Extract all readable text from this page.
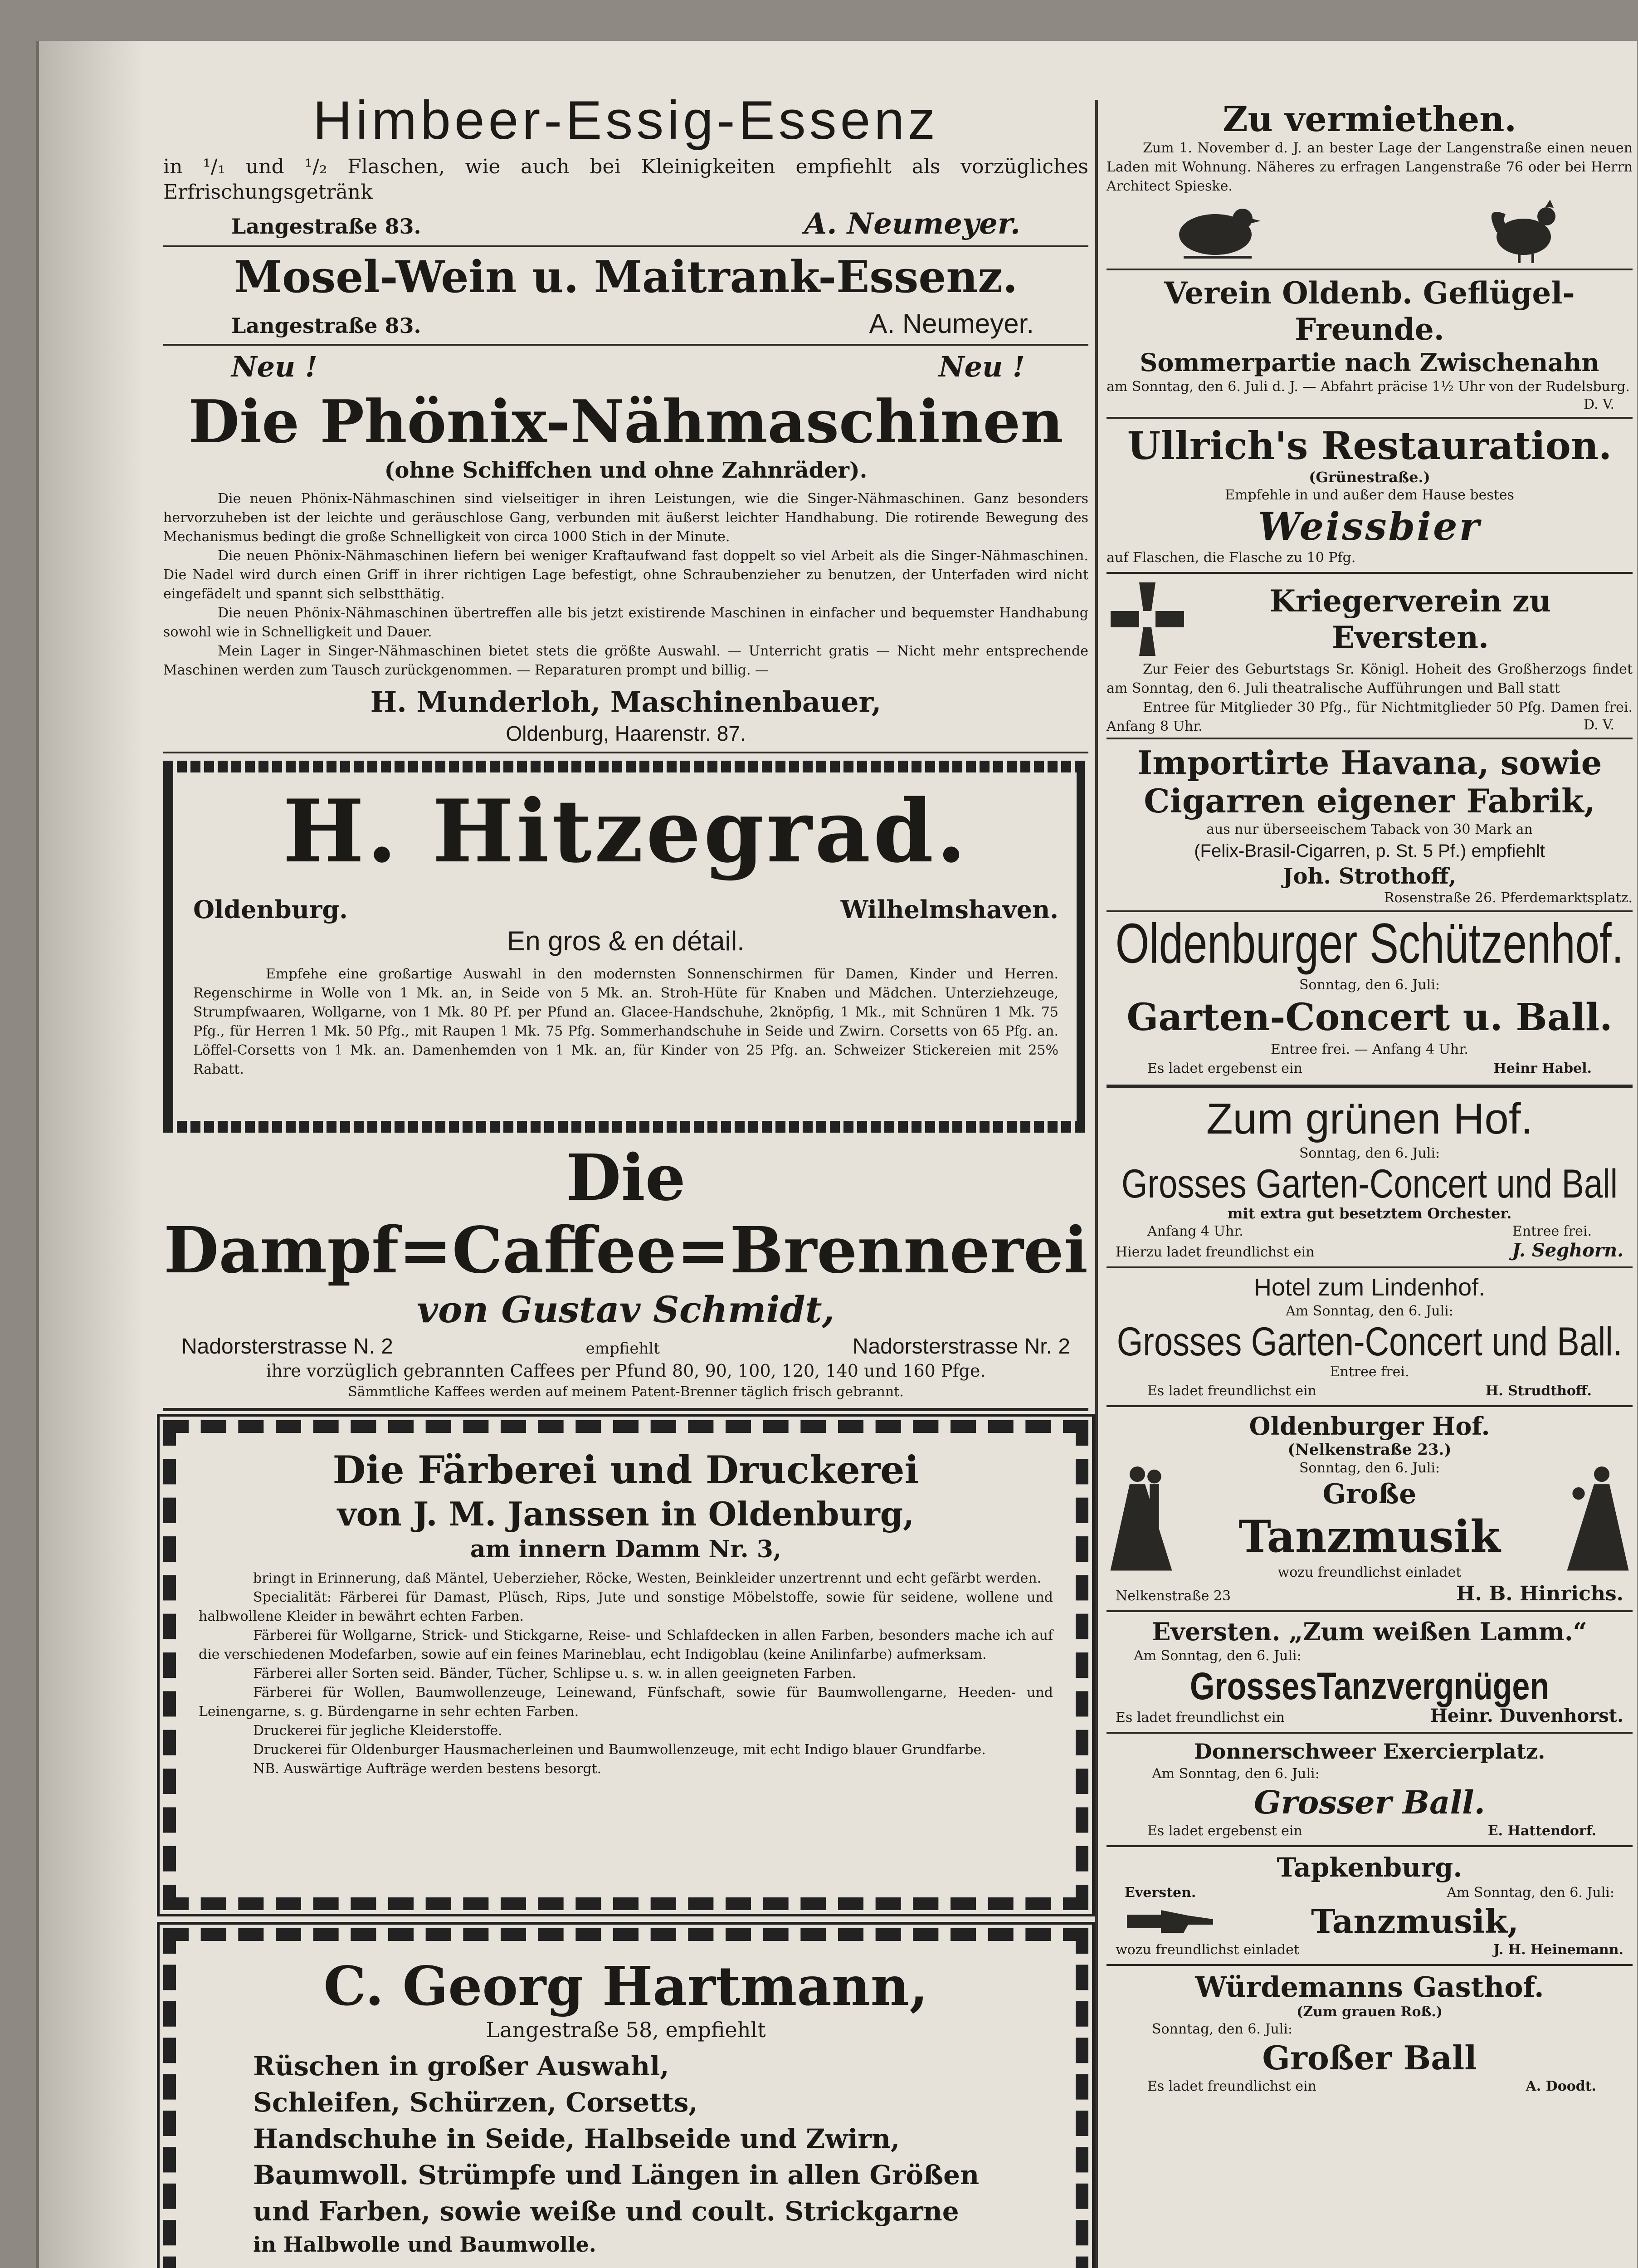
Himbeer-Essig-Essenz
in ¹/₁ und ¹/₂ Flaschen, wie auch bei Kleinigkeiten empfiehlt als vorzügliches Erfrischungsgetränk
Langestraße 83.	A. Neumeyer.
Mosel-Wein u. Maitrank-Essenz.
Langestraße 83.	A. Neumeyer.
Neu !	Neu !
Die Phönix-Nähmaschinen
(ohne Schiffchen und ohne Zahnräder).
Die neuen Phönix-Nähmaschinen sind vielseitiger in ihren Leistungen, wie die Singer-Nähmaschinen. Ganz besonders hervorzuheben ist der leichte und geräuschlose Gang, verbunden mit äußerst leichter Handhabung. Die rotirende Bewegung des Mechanismus bedingt die große Schnelligkeit von circa 1000 Stich in der Minute.
Die neuen Phönix-Nähmaschinen liefern bei weniger Kraftaufwand fast doppelt so viel Arbeit als die Singer-Nähmaschinen. Die Nadel wird durch einen Griff in ihrer richtigen Lage befestigt, ohne Schraubenzieher zu benutzen, der Unterfaden wird nicht eingefädelt und spannt sich selbstthätig.
Die neuen Phönix-Nähmaschinen übertreffen alle bis jetzt existirende Maschinen in einfacher und bequemster Handhabung sowohl wie in Schnelligkeit und Dauer.
Mein Lager in Singer-Nähmaschinen bietet stets die größte Auswahl. — Unterricht gratis — Nicht mehr entsprechende Maschinen werden zum Tausch zurückgenommen. — Reparaturen prompt und billig. —
H. Munderloh, Maschinenbauer,
Oldenburg, Haarenstr. 87.
H. Hitzegrad.
Oldenburg.	Wilhelmshaven.
En gros & en détail.
Empfehe eine großartige Auswahl in den modernsten Sonnenschirmen für Damen, Kinder und Herren. Regenschirme in Wolle von 1 Mk. an, in Seide von 5 Mk. an. Stroh-Hüte für Knaben und Mädchen. Unterziehzeuge, Strumpfwaaren, Wollgarne, von 1 Mk. 80 Pf. per Pfund an. Glacee-Handschuhe, 2knöpfig, 1 Mk., mit Schnüren 1 Mk. 75 Pfg., für Herren 1 Mk. 50 Pfg., mit Raupen 1 Mk. 75 Pfg. Sommerhandschuhe in Seide und Zwirn. Corsetts von 65 Pfg. an. Löffel-Corsetts von 1 Mk. an. Damenhemden von 1 Mk. an, für Kinder von 25 Pfg. an. Schweizer Stickereien mit 25% Rabatt.
Die Dampf=Caffee=Brennerei
von Gustav Schmidt,
Nadorsterstrasse N. 2	empfiehlt	Nadorsterstrasse Nr. 2
ihre vorzüglich gebrannten Caffees per Pfund 80, 90, 100, 120, 140 und 160 Pfge.
Sämmtliche Kaffees werden auf meinem Patent-Brenner täglich frisch gebrannt.
Die Färberei und Druckerei
von J. M. Janssen in Oldenburg,
am innern Damm Nr. 3,
bringt in Erinnerung, daß Mäntel, Ueberzieher, Röcke, Westen, Beinkleider unzertrennt und echt gefärbt werden.
Specialität: Färberei für Damast, Plüsch, Rips, Jute und sonstige Möbelstoffe, sowie für seidene, wollene und halbwollene Kleider in bewährt echten Farben.
Färberei für Wollgarne, Strick- und Stickgarne, Reise- und Schlafdecken in allen Farben, besonders mache ich auf die verschiedenen Modefarben, sowie auf ein feines Marineblau, echt Indigoblau (keine Anilinfarbe) aufmerksam.
Färberei aller Sorten seid. Bänder, Tücher, Schlipse u. s. w. in allen geeigneten Farben.
Färberei für Wollen, Baumwollenzeuge, Leinewand, Fünfschaft, sowie für Baumwollengarne, Heeden- und Leinengarne, s. g. Bürdengarne in sehr echten Farben.
Druckerei für jegliche Kleiderstoffe.
Druckerei für Oldenburger Hausmacherleinen und Baumwollenzeuge, mit echt Indigo blauer Grundfarbe.
NB. Auswärtige Aufträge werden bestens besorgt.
C. Georg Hartmann,
Langestraße 58, empfiehlt
Rüschen in großer Auswahl,
Schleifen, Schürzen, Corsetts,
Handschuhe in Seide, Halbseide und Zwirn,
Baumwoll. Strümpfe und Längen in allen Größen
und Farben, sowie weiße und coult. Strickgarne
in Halbwolle und Baumwolle.
Zu vermiethen.
Zum 1. November d. J. an bester Lage der Langenstraße einen neuen Laden mit Wohnung. Näheres zu erfragen Langenstraße 76 oder bei Herrn Architect Spieske.
Verein Oldenb. Geflügel-Freunde.
Sommerpartie nach Zwischenahn
am Sonntag, den 6. Juli d. J. — Abfahrt präcise 1½ Uhr von der Rudelsburg.
D. V.
Ullrich's Restauration.
(Grünestraße.)
Empfehle in und außer dem Hause bestes
Weissbier
auf Flaschen, die Flasche zu 10 Pfg.
Kriegerverein zu Eversten.
Zur Feier des Geburtstags Sr. Königl. Hoheit des Großherzogs findet am Sonntag, den 6. Juli theatralische Aufführungen und Ball statt
Entree für Mitglieder 30 Pfg., für Nichtmitglieder 50 Pfg. Damen frei. Anfang 8 Uhr.	D. V.
Importirte Havana, sowie
Cigarren eigener Fabrik,
aus nur überseeischem Taback von 30 Mark an
(Felix-Brasil-Cigarren, p. St. 5 Pf.) empfiehlt
Joh. Strothoff,
Rosenstraße 26. Pferdemarktsplatz.
Oldenburger Schützenhof.
Sonntag, den 6. Juli:
Garten-Concert u. Ball.
Entree frei. — Anfang 4 Uhr.
Es ladet ergebenst ein	Heinr Habel.
Zum grünen Hof.
Sonntag, den 6. Juli:
Grosses Garten-Concert und Ball
mit extra gut besetztem Orchester.
Anfang 4 Uhr.	Entree frei.
Hierzu ladet freundlichst ein	J. Seghorn.
Hotel zum Lindenhof.
Am Sonntag, den 6. Juli:
Grosses Garten-Concert und Ball.
Entree frei.
Es ladet freundlichst ein	H. Strudthoff.
Oldenburger Hof.
(Nelkenstraße 23.)
Sonntag, den 6. Juli:
Große
Tanzmusik
wozu freundlichst einladet
Nelkenstraße 23	H. B. Hinrichs.
Eversten. „Zum weißen Lamm.“
Am Sonntag, den 6. Juli:
GrossesTanzvergnügen
Es ladet freundlichst ein	Heinr. Duvenhorst.
Donnerschweer Exercierplatz.
Am Sonntag, den 6. Juli:
Grosser Ball.
Es ladet ergebenst ein	E. Hattendorf.
Tapkenburg.
Eversten.	Am Sonntag, den 6. Juli:
Tanzmusik,
wozu freundlichst einladet	J. H. Heinemann.
Würdemanns Gasthof.
(Zum grauen Roß.)
Sonntag, den 6. Juli:
Großer Ball
Es ladet freundlichst ein	A. Doodt.
